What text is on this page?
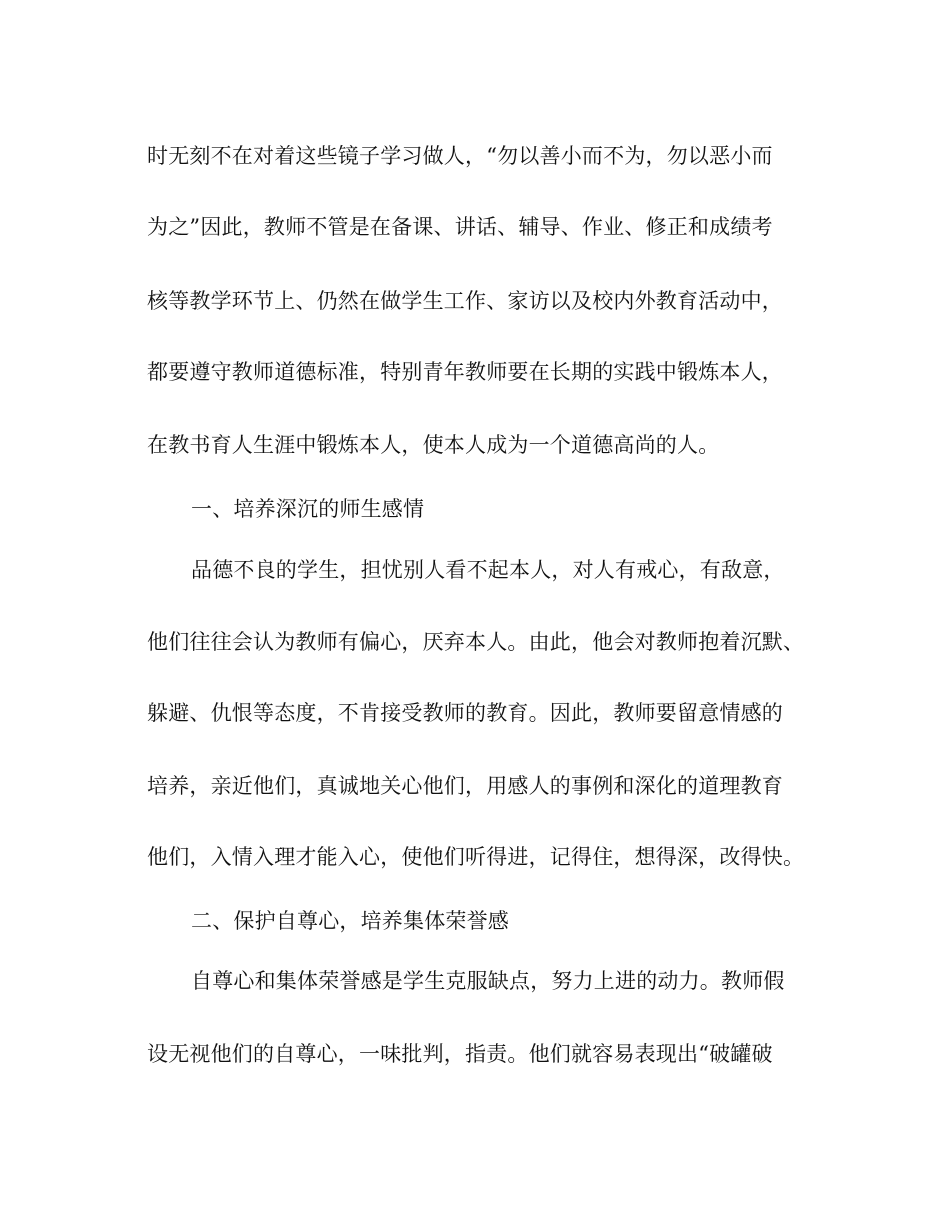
时无刻不在对着这些镜子学习做人，“勿以善小而不为，勿以恶小而
为之”因此，教师不管是在备课、讲话、辅导、作业、修正和成绩考
核等教学环节上、仍然在做学生工作、家访以及校内外教育活动中，
都要遵守教师道德标准，特别青年教师要在长期的实践中锻炼本人，
在教书育人生涯中锻炼本人，使本人成为一个道德高尚的人。
一、培养深沉的师生感情
品德不良的学生，担忧别人看不起本人，对人有戒心，有敌意，
他们往往会认为教师有偏心，厌弃本人。由此，他会对教师抱着沉默、
躲避、仇恨等态度，不肯接受教师的教育。因此，教师要留意情感的
培养，亲近他们，真诚地关心他们，用感人的事例和深化的道理教育
他们，入情入理才能入心，使他们听得进，记得住，想得深，改得快。
二、保护自尊心，培养集体荣誉感
自尊心和集体荣誉感是学生克服缺点，努力上进的动力。教师假
设无视他们的自尊心，一味批判，指责。他们就容易表现出“破罐破
